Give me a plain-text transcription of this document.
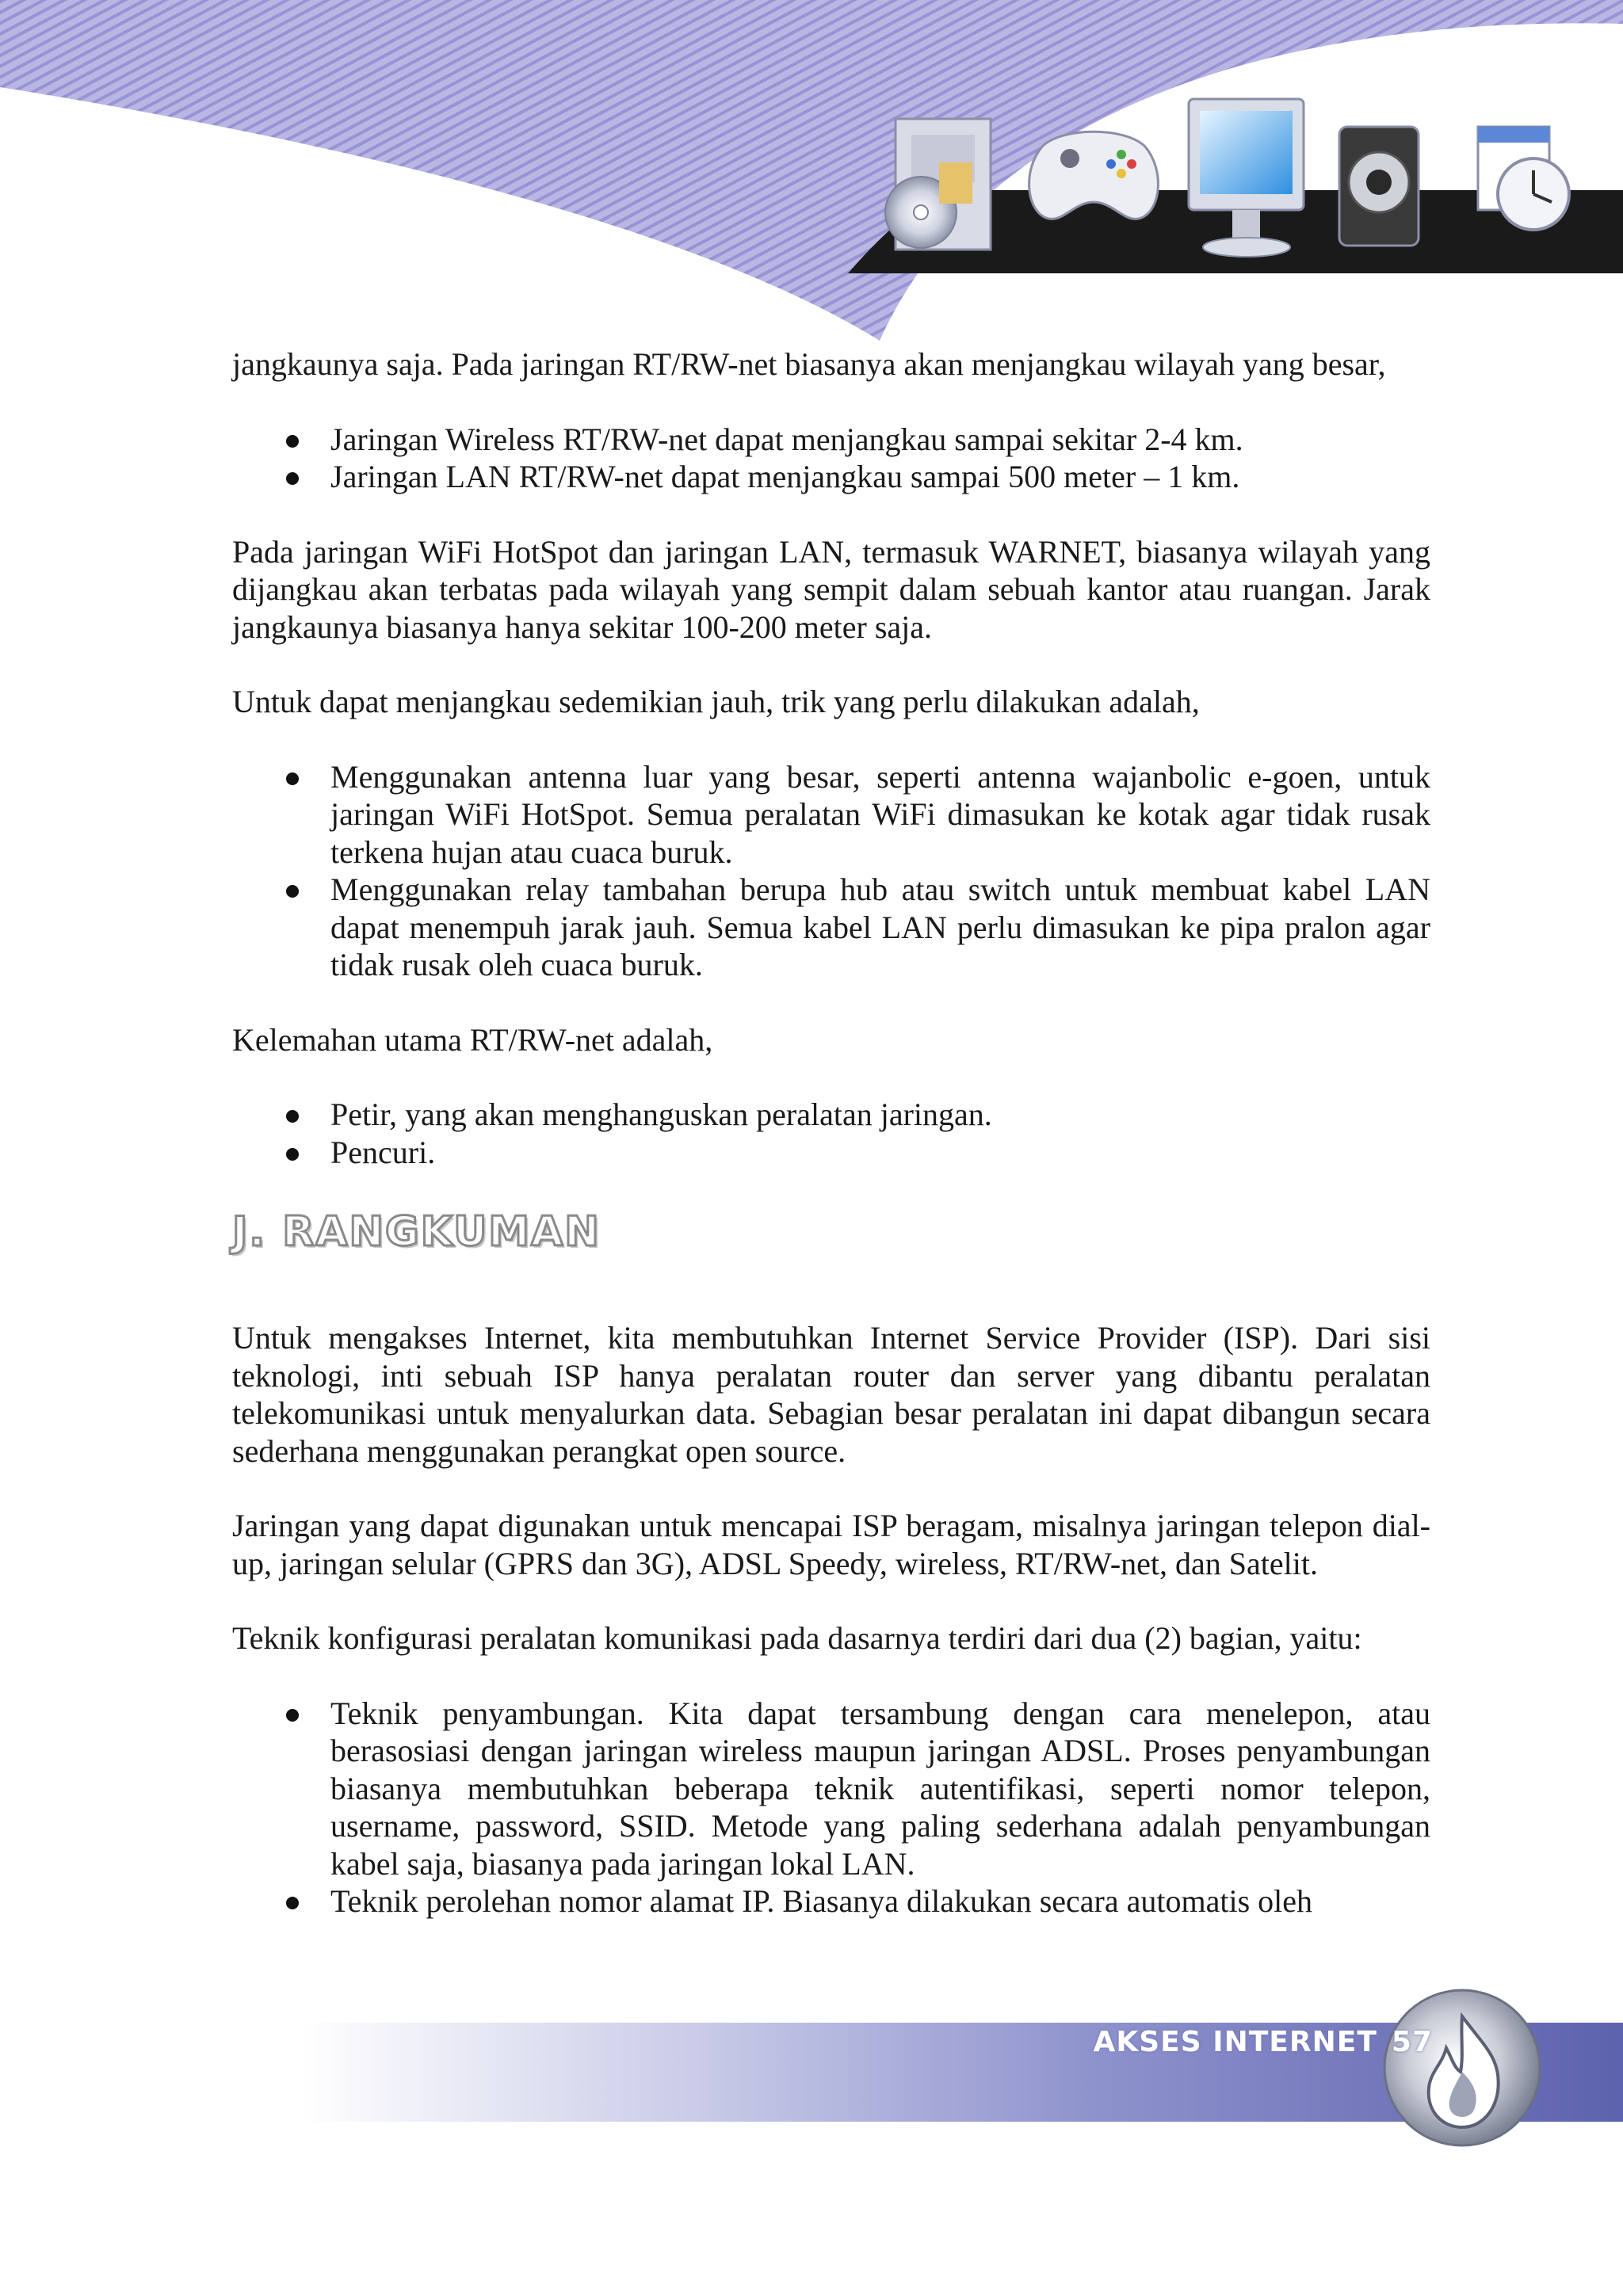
jangkaunya saja. Pada jaringan RT/RW-net biasanya akan menjangkau wilayah yang besar,

Jaringan Wireless RT/RW-net dapat menjangkau sampai sekitar 2-4 km.
Jaringan LAN RT/RW-net dapat menjangkau sampai 500 meter – 1 km.

Pada jaringan WiFi HotSpot dan jaringan LAN, termasuk WARNET, biasanya wilayah yang dijangkau akan terbatas pada wilayah yang sempit dalam sebuah kantor atau ruangan. Jarak jangkaunya biasanya hanya sekitar 100-200 meter saja.

Untuk dapat menjangkau sedemikian jauh, trik yang perlu dilakukan adalah,

Menggunakan antenna luar yang besar, seperti antenna wajanbolic e-goen, untuk jaringan WiFi HotSpot. Semua peralatan WiFi dimasukan ke kotak agar tidak rusak terkena hujan atau cuaca buruk.
Menggunakan relay tambahan berupa hub atau switch untuk membuat kabel LAN dapat menempuh jarak jauh. Semua kabel LAN perlu dimasukan ke pipa pralon agar tidak rusak oleh cuaca buruk.

Kelemahan utama RT/RW-net adalah,

Petir, yang akan menghanguskan peralatan jaringan.
Pencuri.
J. RANGKUMAN

Untuk mengakses Internet, kita membutuhkan Internet Service Provider (ISP). Dari sisi teknologi, inti sebuah ISP hanya peralatan router dan server yang dibantu peralatan telekomunikasi untuk menyalurkan data. Sebagian besar peralatan ini dapat dibangun secara sederhana menggunakan perangkat open source.

Jaringan yang dapat digunakan untuk mencapai ISP beragam, misalnya jaringan telepon dial-up, jaringan selular (GPRS dan 3G), ADSL Speedy, wireless, RT/RW-net, dan Satelit.

Teknik konfigurasi peralatan komunikasi pada dasarnya terdiri dari dua (2) bagian, yaitu:

Teknik penyambungan. Kita dapat tersambung dengan cara menelepon, atau berasosiasi dengan jaringan wireless maupun jaringan ADSL. Proses penyambungan biasanya membutuhkan beberapa teknik autentifikasi, seperti nomor telepon, username, password, SSID. Metode yang paling sederhana adalah penyambungan kabel saja, biasanya pada jaringan lokal LAN.
Teknik perolehan nomor alamat IP. Biasanya dilakukan secara automatis oleh
AKSES INTERNET 57
